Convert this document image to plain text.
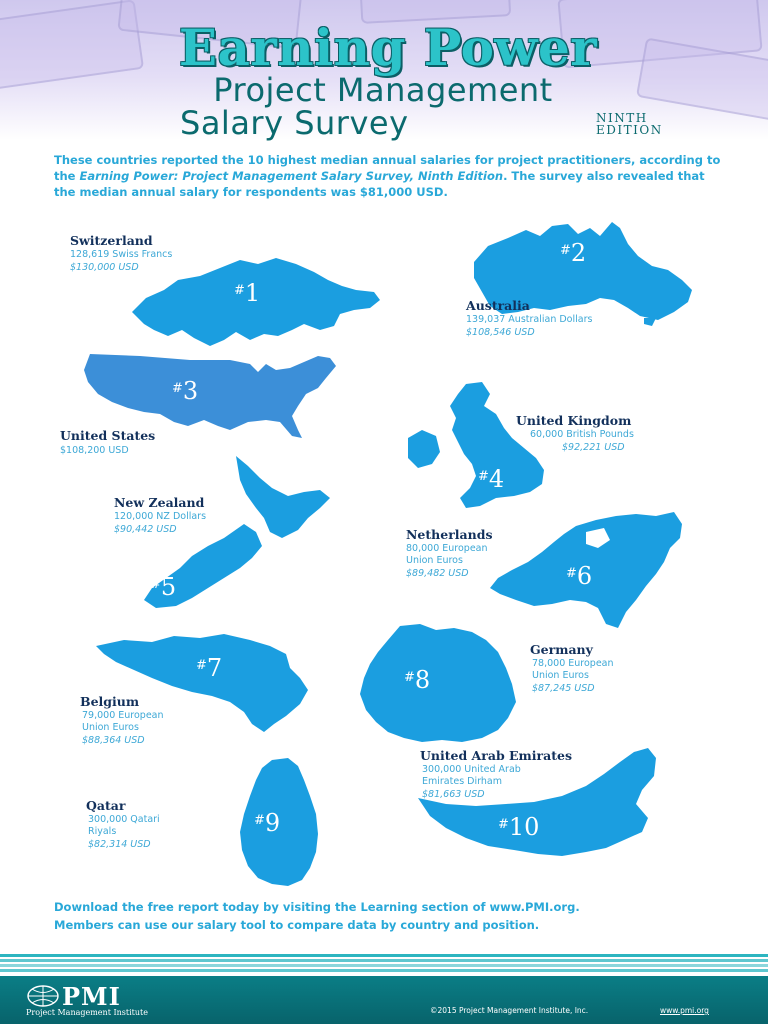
Earning Power
Project Management
Salary Survey	NINTH
EDITION

These countries reported the 10 highest median annual salaries for project practitioners, according to the Earning Power: Project Management Salary Survey, Ninth Edition. The survey also revealed that the median annual salary for respondents was $81,000 USD.

Switzerland
128,619 Swiss Francs
$130,000 USD
#1
#2
Australia
139,037 Australian Dollars
$108,546 USD
#3
United States
$108,200 USD
#4
United Kingdom
60,000 British Pounds
$92,221 USD
#5
New Zealand
120,000 NZ Dollars
$90,442 USD	Netherlands
80,000 European
Union Euros
$89,482 USD	#6
#7
Belgium
79,000 European
Union Euros
$88,364 USD
#8
Germany
78,000 European
Union Euros
$87,245 USD
#9
Qatar
300,000 Qatari
Riyals
$82,314 USD
United Arab Emirates
300,000 United Arab
Emirates Dirham
$81,663 USD
#10
Download the free report today by visiting the Learning section of www.PMI.org.
Members can use our salary tool to compare data by country and position.
PMI
Project Management Institute	©2015 Project Management Institute, Inc.	www.pmi.org
